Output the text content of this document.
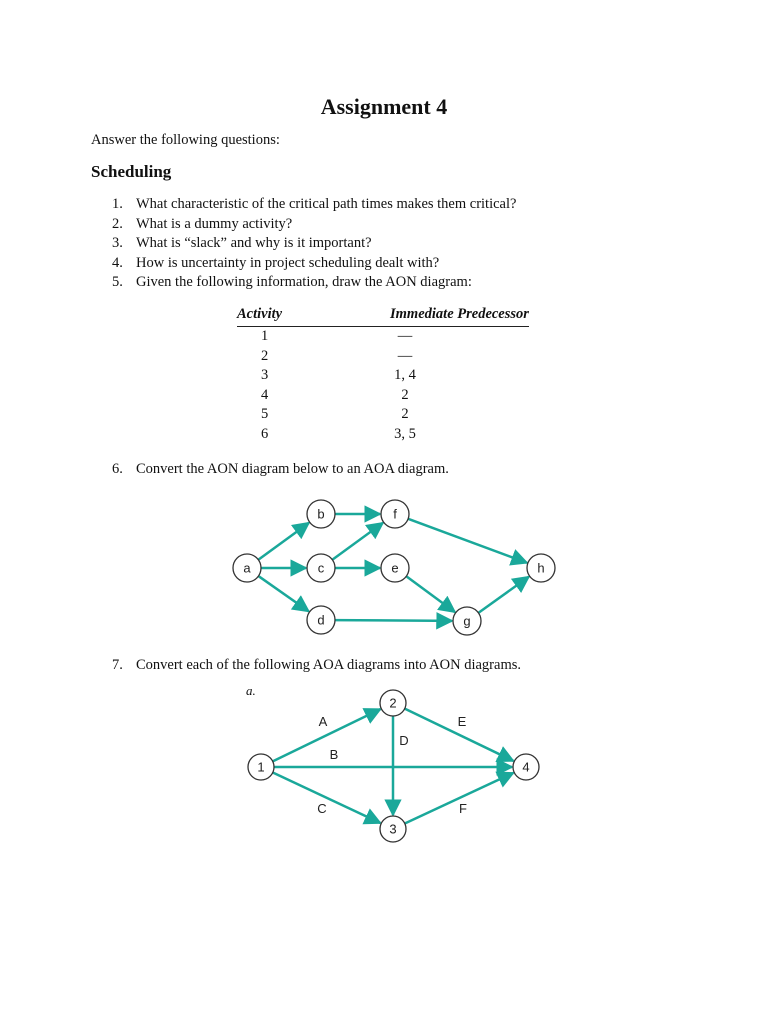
Assignment 4
Answer the following questions:
Scheduling
1. What characteristic of the critical path times makes them critical?
2. What is a dummy activity?
3. What is “slack” and why is it important?
4. How is uncertainty in project scheduling dealt with?
5. Given the following information, draw the AON diagram:
Activity	Immediate Predecessor
1	—
2	—
3	1, 4
4	2
5	2
6	3, 5
6. Convert the AON diagram below to an AOA diagram.
7. Convert each of the following AOA diagrams into AON diagrams.
a.
a
b
c
d
e
f
g
h
A
B
C
D
E
F
1
2
3
4
